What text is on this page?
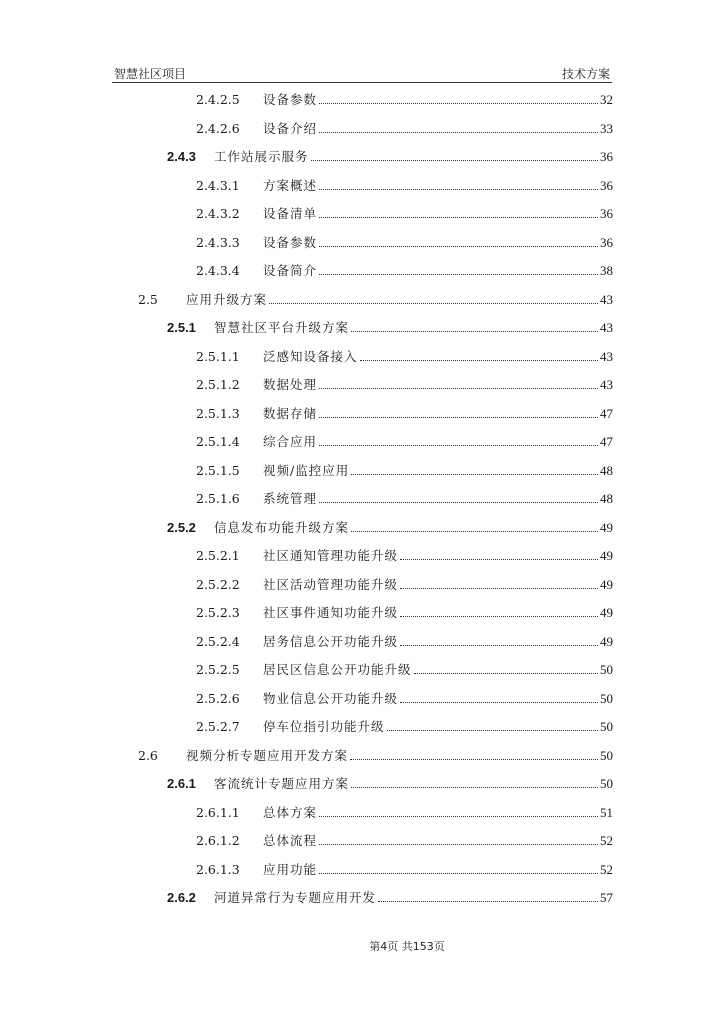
智慧社区项目	技术方案
2.4.2.5	设备参数	32
2.4.2.6	设备介绍	33
2.4.3	工作站展示服务	36
2.4.3.1	方案概述	36
2.4.3.2	设备清单	36
2.4.3.3	设备参数	36
2.4.3.4	设备简介	38
2.5	应用升级方案	43
2.5.1	智慧社区平台升级方案	43
2.5.1.1	泛感知设备接入	43
2.5.1.2	数据处理	43
2.5.1.3	数据存储	47
2.5.1.4	综合应用	47
2.5.1.5	视频/监控应用	48
2.5.1.6	系统管理	48
2.5.2	信息发布功能升级方案	49
2.5.2.1	社区通知管理功能升级	49
2.5.2.2	社区活动管理功能升级	49
2.5.2.3	社区事件通知功能升级	49
2.5.2.4	居务信息公开功能升级	49
2.5.2.5	居民区信息公开功能升级	50
2.5.2.6	物业信息公开功能升级	50
2.5.2.7	停车位指引功能升级	50
2.6	视频分析专题应用开发方案	50
2.6.1	客流统计专题应用方案	50
2.6.1.1	总体方案	51
2.6.1.2	总体流程	52
2.6.1.3	应用功能	52
2.6.2	河道异常行为专题应用开发	57
第4页 共153页
